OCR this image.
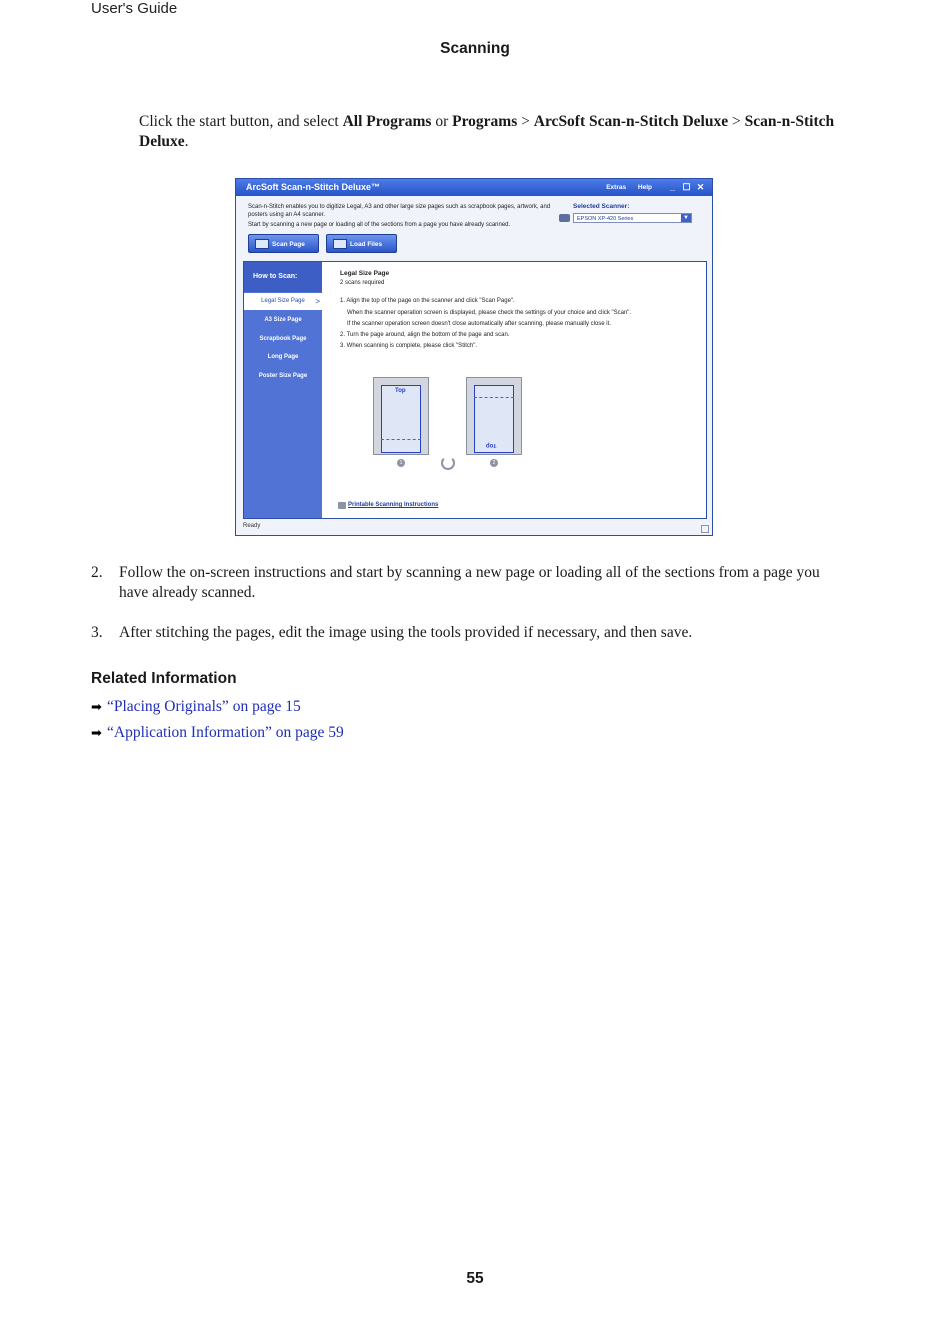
User's Guide
Scanning
Click the start button, and select All Programs or Programs > ArcSoft Scan-n-Stitch Deluxe > Scan-n-Stitch Deluxe.
ArcSoft Scan-n-Stitch Deluxe™	Extras Help	_ ☐ ✕
Scan-n-Stitch enables you to digitize Legal, A3 and other large size pages such as scrapbook pages, artwork, and posters using an A4 scanner.
Start by scanning a new page or loading all of the sections from a page you have already scanned.
Selected Scanner:
EPSON XP-420 Series	▼
Scan Page	Load Files
How to Scan:
Legal Size Page >
A3 Size Page
Scrapbook Page
Long Page
Poster Size Page
Legal Size Page
2 scans required
1. Align the top of the page on the scanner and click "Scan Page".
When the scanner operation screen is displayed, please check the settings of your choice and click "Scan".
If the scanner operation screen doesn't close automatically after scanning, please manually close it.
2. Turn the page around, align the bottom of the page and scan.
3. When scanning is complete, please click "Stitch".
Top
1
Top
2
Printable Scanning Instructions
Ready
2. Follow the on-screen instructions and start by scanning a new page or loading all of the sections from a page you have already scanned.
3. After stitching the pages, edit the image using the tools provided if necessary, and then save.
Related Information
➡ “Placing Originals” on page 15
➡ “Application Information” on page 59
55
